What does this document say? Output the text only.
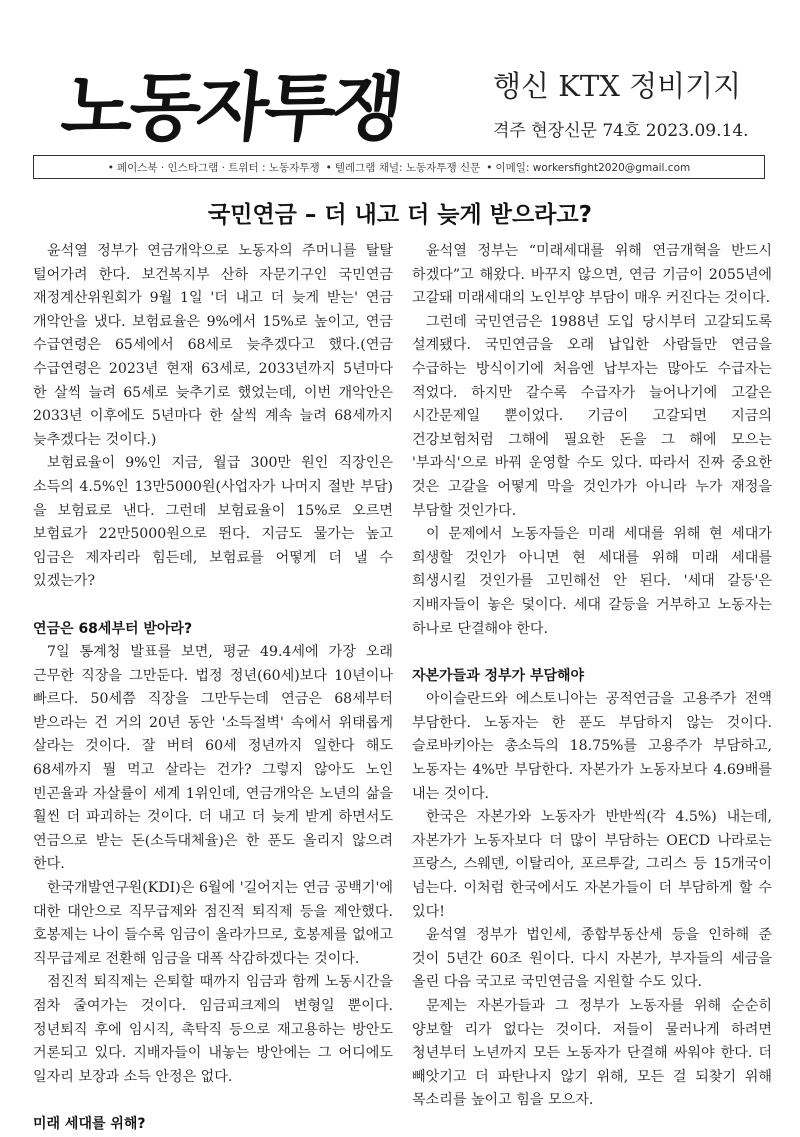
노동자투쟁	행신 KTX 정비기지
격주 현장신문 74호 2023.09.14.
• 페이스북 · 인스타그램 · 트위터 : 노동자투쟁 • 텔레그램 채널: 노동자투쟁 신문 • 이메일: workersfight2020@gmail.com
국민연금 – 더 내고 더 늦게 받으라고?

윤석열 정부가 연금개악으로 노동자의 주머니를 탈탈 털어가려 한다. 보건복지부 산하 자문기구인 국민연금 재정계산위원회가 9월 1일 '더 내고 더 늦게 받는' 연금 개악안을 냈다. 보험료율은 9%에서 15%로 높이고, 연금 수급연령은 65세에서 68세로 늦추겠다고 했다.(연금 수급연령은 2023년 현재 63세로, 2033년까지 5년마다 한 살씩 늘려 65세로 늦추기로 했었는데, 이번 개악안은 2033년 이후에도 5년마다 한 살씩 계속 늘려 68세까지 늦추겠다는 것이다.)

보험료율이 9%인 지금, 월급 300만 원인 직장인은 소득의 4.5%인 13만5000원(사업자가 나머지 절반 부담)을 보험료로 낸다. 그런데 보험료율이 15%로 오르면 보험료가 22만5000원으로 뛴다. 지금도 물가는 높고 임금은 제자리라 힘든데, 보험료를 어떻게 더 낼 수 있겠는가?

연금은 68세부터 받아라?

7일 통계청 발표를 보면, 평균 49.4세에 가장 오래 근무한 직장을 그만둔다. 법정 정년(60세)보다 10년이나 빠르다. 50세쯤 직장을 그만두는데 연금은 68세부터 받으라는 건 거의 20년 동안 '소득절벽' 속에서 위태롭게 살라는 것이다. 잘 버텨 60세 정년까지 일한다 해도 68세까지 뭘 먹고 살라는 건가? 그렇지 않아도 노인 빈곤율과 자살률이 세계 1위인데, 연금개악은 노년의 삶을 훨씬 더 파괴하는 것이다. 더 내고 더 늦게 받게 하면서도 연금으로 받는 돈(소득대체율)은 한 푼도 올리지 않으려 한다.

한국개발연구원(KDI)은 6월에 '길어지는 연금 공백기'에 대한 대안으로 직무급제와 점진적 퇴직제 등을 제안했다. 호봉제는 나이 들수록 임금이 올라가므로, 호봉제를 없애고 직무급제로 전환해 임금을 대폭 삭감하겠다는 것이다.

점진적 퇴직제는 은퇴할 때까지 임금과 함께 노동시간을 점차 줄여가는 것이다. 임금피크제의 변형일 뿐이다. 정년퇴직 후에 임시직, 촉탁직 등으로 재고용하는 방안도 거론되고 있다. 지배자들이 내놓는 방안에는 그 어디에도 일자리 보장과 소득 안정은 없다.

미래 세대를 위해?

윤석열 정부는 “미래세대를 위해 연금개혁을 반드시 하겠다”고 해왔다. 바꾸지 않으면, 연금 기금이 2055년에 고갈돼 미래세대의 노인부양 부담이 매우 커진다는 것이다.

그런데 국민연금은 1988년 도입 당시부터 고갈되도록 설계됐다. 국민연금을 오래 납입한 사람들만 연금을 수급하는 방식이기에 처음엔 납부자는 많아도 수급자는 적었다. 하지만 갈수록 수급자가 늘어나기에 고갈은 시간문제일 뿐이었다. 기금이 고갈되면 지금의 건강보험처럼 그해에 필요한 돈을 그 해에 모으는 '부과식'으로 바꿔 운영할 수도 있다. 따라서 진짜 중요한 것은 고갈을 어떻게 막을 것인가가 아니라 누가 재정을 부담할 것인가다.

이 문제에서 노동자들은 미래 세대를 위해 현 세대가 희생할 것인가 아니면 현 세대를 위해 미래 세대를 희생시킬 것인가를 고민해선 안 된다. '세대 갈등'은 지배자들이 놓은 덫이다. 세대 갈등을 거부하고 노동자는 하나로 단결해야 한다.

자본가들과 정부가 부담해야

아이슬란드와 에스토니아는 공적연금을 고용주가 전액 부담한다. 노동자는 한 푼도 부담하지 않는 것이다. 슬로바키아는 총소득의 18.75%를 고용주가 부담하고, 노동자는 4%만 부담한다. 자본가가 노동자보다 4.69배를 내는 것이다.

한국은 자본가와 노동자가 반반씩(각 4.5%) 내는데, 자본가가 노동자보다 더 많이 부담하는 OECD 나라로는 프랑스, 스웨덴, 이탈리아, 포르투갈, 그리스 등 15개국이 넘는다. 이처럼 한국에서도 자본가들이 더 부담하게 할 수 있다!

윤석열 정부가 법인세, 종합부동산세 등을 인하해 준 것이 5년간 60조 원이다. 다시 자본가, 부자들의 세금을 올린 다음 국고로 국민연금을 지원할 수도 있다.

문제는 자본가들과 그 정부가 노동자를 위해 순순히 양보할 리가 없다는 것이다. 저들이 물러나게 하려면 청년부터 노년까지 모든 노동자가 단결해 싸워야 한다. 더 빼앗기고 더 파탄나지 않기 위해, 모든 걸 되찾기 위해 목소리를 높이고 힘을 모으자.
